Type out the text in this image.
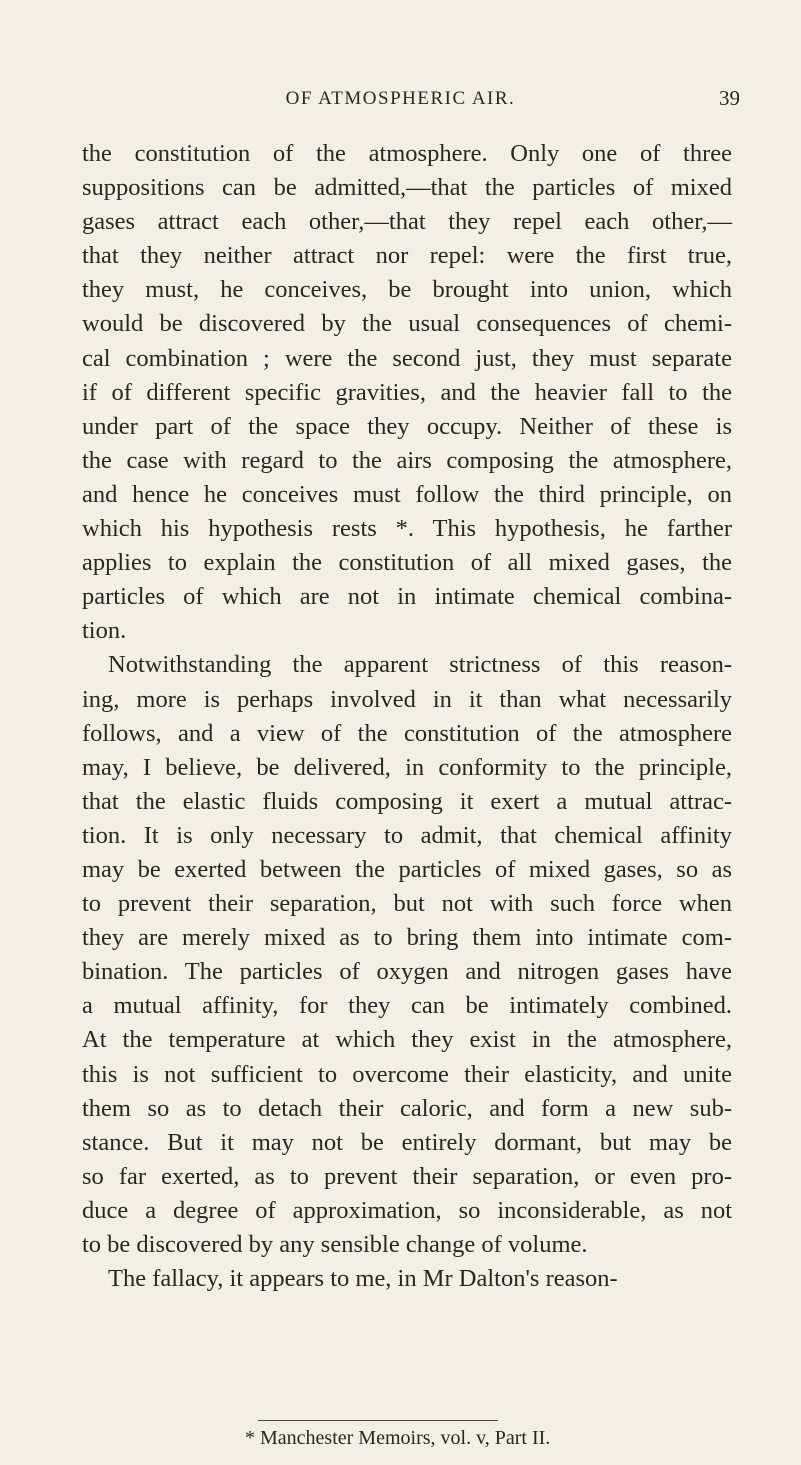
OF ATMOSPHERIC AIR.	39
the constitution of the atmosphere. Only one of three
suppositions can be admitted,—that the particles of mixed
gases attract each other,—that they repel each other,—
that they neither attract nor repel: were the first true,
they must, he conceives, be brought into union, which
would be discovered by the usual consequences of chemi-
cal combination ; were the second just, they must separate
if of different specific gravities, and the heavier fall to the
under part of the space they occupy. Neither of these is
the case with regard to the airs composing the atmosphere,
and hence he conceives must follow the third principle, on
which his hypothesis rests *. This hypothesis, he farther
applies to explain the constitution of all mixed gases, the
particles of which are not in intimate chemical combina-
tion.
Notwithstanding the apparent strictness of this reason-
ing, more is perhaps involved in it than what necessarily
follows, and a view of the constitution of the atmosphere
may, I believe, be delivered, in conformity to the principle,
that the elastic fluids composing it exert a mutual attrac-
tion. It is only necessary to admit, that chemical affinity
may be exerted between the particles of mixed gases, so as
to prevent their separation, but not with such force when
they are merely mixed as to bring them into intimate com-
bination. The particles of oxygen and nitrogen gases have
a mutual affinity, for they can be intimately combined.
At the temperature at which they exist in the atmosphere,
this is not sufficient to overcome their elasticity, and unite
them so as to detach their caloric, and form a new sub-
stance. But it may not be entirely dormant, but may be
so far exerted, as to prevent their separation, or even pro-
duce a degree of approximation, so inconsiderable, as not
to be discovered by any sensible change of volume.
The fallacy, it appears to me, in Mr Dalton's reason-
* Manchester Memoirs, vol. v, Part II.
